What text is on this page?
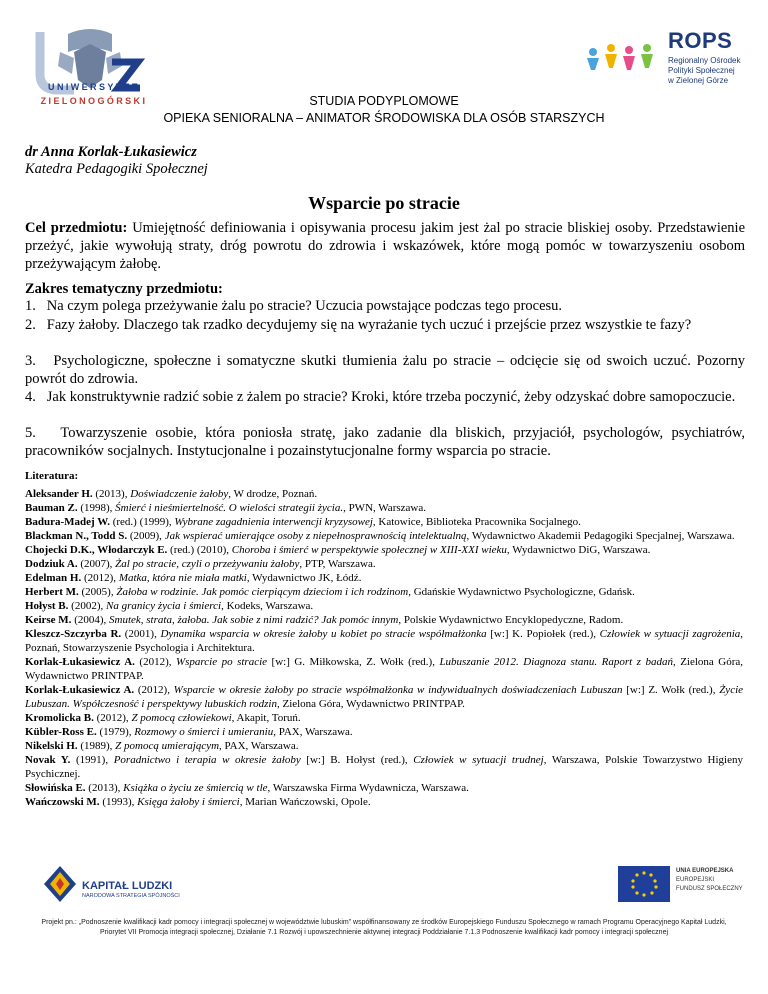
UNIWERSYTET
ZIELONOGÓRSKI
ROPS
Regionalny Ośrodek
Polityki Społecznej
w Zielonej Górze
STUDIA PODYPLOMOWE
OPIEKA SENIORALNA – ANIMATOR ŚRODOWISKA DLA OSÓB STARSZYCH
dr Anna Korlak-Łukasiewicz
Katedra Pedagogiki Społecznej
Wsparcie po stracie
Cel przedmiotu: Umiejętność definiowania i opisywania procesu jakim jest żal po stracie bliskiej osoby. Przedstawienie przeżyć, jakie wywołują straty, dróg powrotu do zdrowia i wskazówek, które mogą pomóc w towarzyszeniu osobom przeżywającym żałobę.
Zakres tematyczny przedmiotu:
1.   Na czym polega przeżywanie żalu po stracie? Uczucia powstające podczas tego procesu.
2.   Fazy żałoby. Dlaczego tak rzadko decydujemy się na wyrażanie tych uczuć i przejście przez wszystkie te fazy?
3.   Psychologiczne, społeczne i somatyczne skutki tłumienia żalu po stracie – odcięcie się od swoich uczuć. Pozorny powrót do zdrowia.
4.   Jak konstruktywnie radzić sobie z żalem po stracie? Kroki, które trzeba poczynić, żeby odzyskać dobre samopoczucie.
5.   Towarzyszenie osobie, która poniosła stratę, jako zadanie dla bliskich, przyjaciół, psychologów, psychiatrów, pracowników socjalnych. Instytucjonalne i pozainstytucjonalne formy wsparcia po stracie.
Literatura:
Aleksander H. (2013), Doświadczenie żałoby, W drodze, Poznań.
Bauman Z. (1998), Śmierć i nieśmiertelność. O wielości strategii życia., PWN, Warszawa.
Badura-Madej W. (red.) (1999), Wybrane zagadnienia interwencji kryzysowej, Katowice, Biblioteka Pracownika Socjalnego.
Blackman N., Todd S. (2009), Jak wspierać umierające osoby z niepełnosprawnością intelektualną, Wydawnictwo Akademii Pedagogiki Specjalnej, Warszawa.
Chojecki D.K., Włodarczyk E. (red.) (2010), Choroba i śmierć w perspektywie społecznej w XIII-XXI wieku, Wydawnictwo DiG, Warszawa.
Dodziuk A. (2007), Żal po stracie, czyli o przeżywaniu żałoby, PTP, Warszawa.
Edelman H. (2012), Matka, która nie miała matki, Wydawnictwo JK, Łódź.
Herbert M. (2005), Żałoba w rodzinie. Jak pomóc cierpiącym dzieciom i ich rodzinom, Gdańskie Wydawnictwo Psychologiczne, Gdańsk.
Hołyst B. (2002), Na granicy życia i śmierci, Kodeks, Warszawa.
Keirse M. (2004), Smutek, strata, żałoba. Jak sobie z nimi radzić? Jak pomóc innym, Polskie Wydawnictwo Encyklopedyczne, Radom.
Kleszcz-Szczyrba R. (2001), Dynamika wsparcia w okresie żałoby u kobiet po stracie współmałżonka [w:] K. Popiołek (red.), Człowiek w sytuacji zagrożenia, Poznań, Stowarzyszenie Psychologia i Architektura.
Korlak-Łukasiewicz A. (2012), Wsparcie po stracie [w:] G. Miłkowska, Z. Wołk (red.), Lubuszanie 2012. Diagnoza stanu. Raport z badań, Zielona Góra, Wydawnictwo PRINTPAP.
Korlak-Łukasiewicz A. (2012), Wsparcie w okresie żałoby po stracie współmałżonka w indywidualnych doświadczeniach Lubuszan [w:] Z. Wołk (red.), Życie Lubuszan. Współczesność i perspektywy lubuskich rodzin, Zielona Góra, Wydawnictwo PRINTPAP.
Kromolicka B. (2012), Z pomocą człowiekowi, Akapit, Toruń.
Kübler-Ross E. (1979), Rozmowy o śmierci i umieraniu, PAX, Warszawa.
Nikelski H. (1989), Z pomocą umierającym, PAX, Warszawa.
Novak Y. (1991), Poradnictwo i terapia w okresie żałoby [w:] B. Hołyst (red.), Człowiek w sytuacji trudnej, Warszawa, Polskie Towarzystwo Higieny Psychicznej.
Słowińska E. (2013), Książka o życiu ze śmiercią w tle, Warszawska Firma Wydawnicza, Warszawa.
Wańczowski M. (1993), Księga żałoby i śmierci, Marian Wańczowski, Opole.
KAPITAŁ LUDZKI
NARODOWA STRATEGIA SPÓJNOŚCI
UNIA EUROPEJSKA
EUROPEJSKI
FUNDUSZ SPOŁECZNY
Projekt pn.: „Podnoszenie kwalifikacji kadr pomocy i integracji społecznej w województwie lubuskim” współfinansowany ze środków Europejskiego Funduszu Społecznego w ramach Programu Operacyjnego Kapitał Ludzki,
Priorytet VII Promocja integracji społecznej, Działanie 7.1 Rozwój i upowszechnienie aktywnej integracji Poddziałanie 7.1.3 Podnoszenie kwalifikacji kadr pomocy i integracji społecznej
